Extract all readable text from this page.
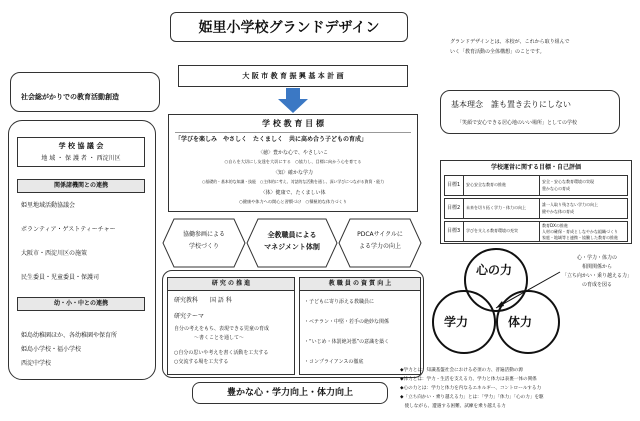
姫里小学校グランドデザイン
グランドデザインとは、本校が、これから取り組んで
いく「教育活動の全体構想」のことです。
社会総がかりでの教育活動創造
学 校 協 議 会
地 域 ・ 保 護 者 ・ 西淀川区
関係諸機関との連携
姫里地域活動協議会
ボランティア・ゲストティーチャー
大阪市・西淀川区の施策
民生委員・児童委員・保護司
幼・小・中との連携
姫島幼稚園ほか、各幼稚園や保育所
姫島小学校・福小学校
西淀中学校
大 阪 市 教 育 振 興 基 本 計 画
学 校 教 育 目 標
「学びを楽しみ　やさしく　たくましく　共に高め合う子どもの育成」
〈徳〉豊かな心で、やさしいこ
○自らを大切にし友達を大切にする　○協力し、目標に向かう心を育てる
〈知〉確かな学力
○基礎的・基本的な知識・技能　○主体的に考え、対話的な活動を通し、深い学びにつながる資質・能力
〈体〉健康で、たくましい体
○健康や体力への関心と習慣づけ　○積極的な体力づくり
協働参画による
学校づくり
全教職員による
マネジメント体制
PDCAサイクルに
よる学力の向上
研 究 の 推 進
研究教科　　国 語 科
研究テーマ
自分の考えをもち、表現できる児童の育成
～書くことを通して～
○自分の思いや考えを書く活動を工夫する
○交流する場を工夫する
教 職 員 の 資 質 向 上
・子どもに寄り添える教職員に
・ベテラン・中堅・若手の絶妙な関係
・“いじめ・体罰絶対悪”の意識を築く
・コンプライアンスの徹底
豊かな心・学力向上・体力向上
基本理念　誰も置き去りにしない
「笑顔で安心できる居心地のいい場所」としての学校
学校運営に関する目標・自己評価
目標1 安心安全な教育の推進
安全・安心な教育環境の実現
豊かな心の育成
目標2 未来を切り拓く学力・体力の向上
誰一人取り残さない学力の向上
健やかな体の育成
目標3 学びを支える教育環境の充実
教育DXの推進
人材の確保・育成としなやかな組織づくり
家庭・地域等と連携・協働した教育の推進
心の力
学力	体力
心・学力・体力の
相関関係から
「立ち向かい・乗り越える力」
の育成を図る
◆学力とは：知識基盤社会における必須の力、普遍活動の源
◆体力とは：学力・生活を支える力、学力と体力は表裏一体の関係
◆心の力とは：学力と体力を内なるエネルギー、コントロールする力
◆「立ち向かい・乗り越える力」とは：「学力」「体力」「心の力」を駆
　使しながら、遭遇する困難、試練を乗り越える力
